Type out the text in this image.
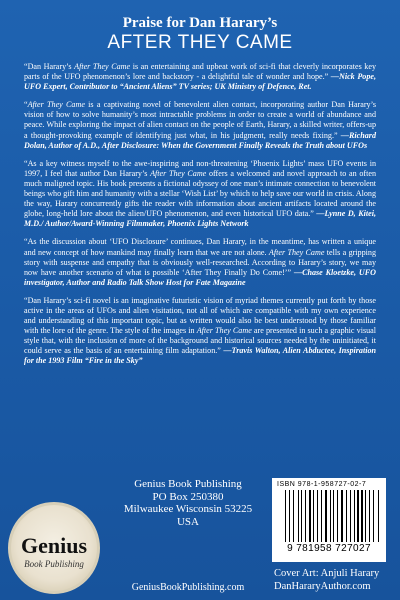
Praise for Dan Harary’s
AFTER THEY CAME

“Dan Harary’s After They Came is an entertaining and upbeat work of sci-fi that cleverly incorporates key parts of the UFO phenomenon’s lore and backstory - a delightful tale of wonder and hope.” —Nick Pope, UFO Expert, Contributor to “Ancient Aliens” TV series; UK Ministry of Defence, Ret.

“After They Came is a captivating novel of benevolent alien contact, incorporating author Dan Harary’s vision of how to solve humanity’s most intractable problems in order to create a world of abundance and peace. While exploring the impact of alien contact on the people of Earth, Harary, a skilled writer, offers-up a thought-provoking example of identifying just what, in his judgment, really needs fixing.” —Richard Dolan, Author of A.D., After Disclosure: When the Government Finally Reveals the Truth about UFOs

“As a key witness myself to the awe-inspiring and non-threatening ‘Phoenix Lights’ mass UFO events in 1997, I feel that author Dan Harary’s After They Came offers a welcomed and novel approach to an often much maligned topic. His book presents a fictional odyssey of one man’s intimate connection to benevolent beings who gift him and humanity with a stellar ‘Wish List’ by which to help save our world in crisis. Along the way, Harary concurrently gifts the reader with information about ancient artifacts located around the globe, long-held lore about the alien/UFO phenomenon, and even historical UFO data.” —Lynne D, Kitei, M.D./ Author/Award-Winning Filmmaker, Phoenix Lights Network

“As the discussion about ‘UFO Disclosure’ continues, Dan Harary, in the meantime, has written a unique and new concept of how mankind may finally learn that we are not alone. After They Came tells a gripping story with suspense and empathy that is obviously well-researched. According to Harary’s story, we may now have another scenario of what is possible ‘After They Finally Do Come!’” —Chase Kloetzke, UFO investigator, Author and Radio Talk Show Host for Fate Magazine

“Dan Harary’s sci-fi novel is an imaginative futuristic vision of myriad themes currently put forth by those active in the areas of UFOs and alien visitation, not all of which are compatible with my own experience and understanding of this important topic, but as written would also be best understood by those familiar with the lore of the genre. The style of the images in After They Came are presented in such a graphic visual style that, with the inclusion of more of the background and historical sources needed by the uninitiated, it could serve as the basis of an entertaining film adaptation.” —Travis Walton, Alien Abductee, Inspiration for the 1993 Film “Fire in the Sky”

Genius
Book Publishing
Genius Book Publishing
PO Box 250380
Milwaukee Wisconsin 53225
USA
GeniusBookPublishing.com
ISBN 978-1-958727-02-7
9 781958 727027
Cover Art: Anjuli Harary
DanHararyAuthor.com
